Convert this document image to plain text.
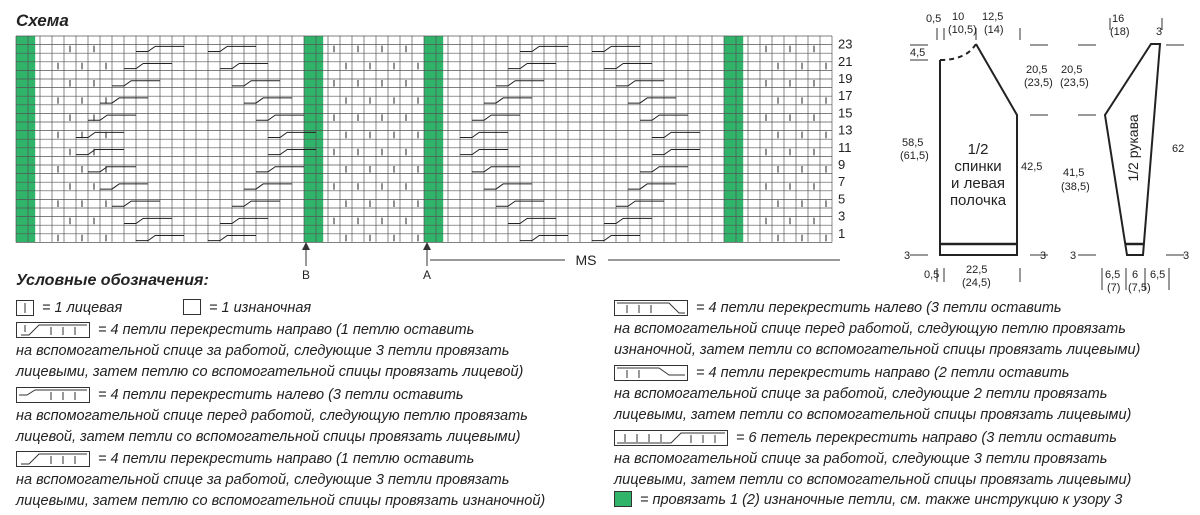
Схема
23
21
19
17
15
13
11
9
7
5
3
1
B	A
MS
Условные обозначения:
= 1 лицевая	= 1 изнаночная
= 4 петли перекрестить направо (1 петлю оставить
на вспомогательной спице за работой, следующие 3 петли провязать
лицевыми, затем петлю со вспомогательной спицы провязать лицевой)
= 4 петли перекрестить налево (3 петли оставить
на вспомогательной спице перед работой, следующую петлю провязать
лицевой, затем петли со вспомогательной спицы провязать лицевыми)
= 4 петли перекрестить направо (1 петлю оставить
на вспомогательной спице за работой, следующие 3 петли провязать
лицевыми, затем петлю со вспомогательной спицы провязать изнаночной)
= 4 петли перекрестить налево (3 петли оставить
на вспомогательной спице перед работой, следующую петлю провязать
изнаночной, затем петли со вспомогательной спицы провязать лицевыми)
= 4 петли перекрестить направо (2 петли оставить
на вспомогательной спице за работой, следующие 2 петли провязать
лицевыми, затем петли со вспомогательной спицы провязать лицевыми)
= 6 петель перекрестить направо (3 петли оставить
на вспомогательной спице за работой, следующие 3 петли провязать
лицевыми, затем петли со вспомогательной спицы провязать лицевыми)
= провязать 1 (2) изнаночные петли, см. также инструкцию к узору 3
0,5 10
(10,5)
12,5
(14)
4,5
20,5
(23,5)
58,5
(61,5)
42,5
3	3
0,5 22,5
(24,5)
16
(18) 3
20,5
(23,5)
41,5
(38,5)
62
3	3
6,5
(7)
6
(7,5)
6,5
1/2
спинки
и левая
полочка
1/2 рукава
